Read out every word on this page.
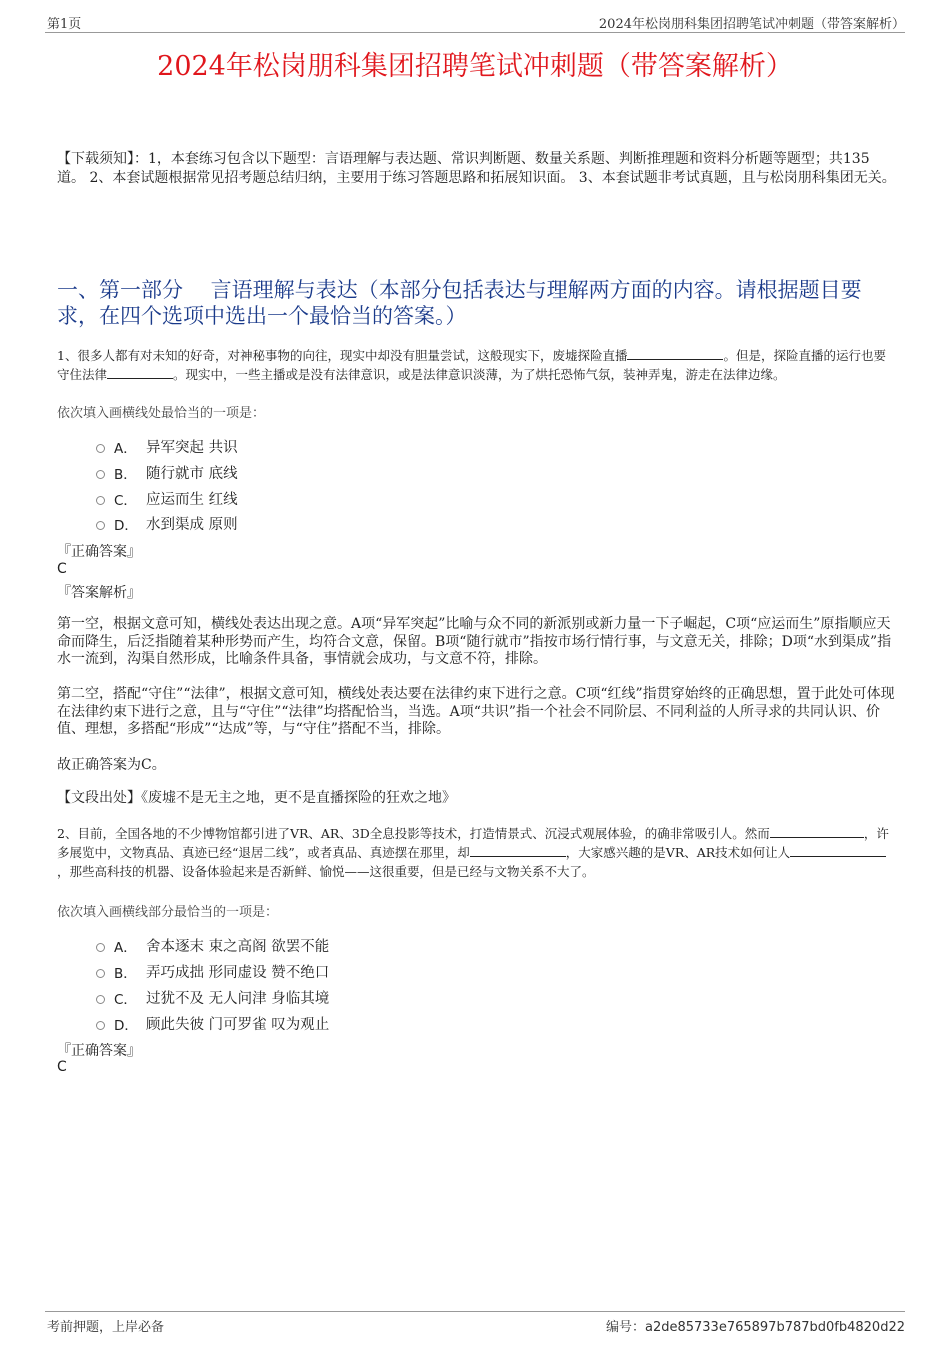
第1页	2024年松岗朋科集团招聘笔试冲刺题（带答案解析）
2024年松岗朋科集团招聘笔试冲刺题（带答案解析）
【下载须知】：1，本套练习包含以下题型：言语理解与表达题、常识判断题、数量关系题、判断推理题和资料分析题等题型；共135道。 2、本套试题根据常见招考题总结归纳，主要用于练习答题思路和拓展知识面。 3、本套试题非考试真题，且与松岗朋科集团无关。
一、第一部分　 言语理解与表达（本部分包括表达与理解两方面的内容。请根据题目要求，在四个选项中选出一个最恰当的答案。）
1、很多人都有对未知的好奇，对神秘事物的向往，现实中却没有胆量尝试，这般现实下，废墟探险直播	。但是，探险直播的运行也要守住法律	。现实中，一些主播或是没有法律意识，或是法律意识淡薄，为了烘托恐怖气氛，装神弄鬼，游走在法律边缘。
依次填入画横线处最恰当的一项是：
A． 异军突起 共识
B． 随行就市 底线
C． 应运而生 红线
D． 水到渠成 原则
『正确答案』
C
『答案解析』
第一空，根据文意可知，横线处表达出现之意。A项“异军突起”比喻与众不同的新派别或新力量一下子崛起，C项“应运而生”原指顺应天命而降生，后泛指随着某种形势而产生，均符合文意，保留。B项“随行就市”指按市场行情行事，与文意无关，排除；D项“水到渠成”指水一流到，沟渠自然形成，比喻条件具备，事情就会成功，与文意不符，排除。
第二空，搭配“守住”“法律”，根据文意可知，横线处表达要在法律约束下进行之意。C项“红线”指贯穿始终的正确思想，置于此处可体现在法律约束下进行之意，且与“守住”“法律”均搭配恰当，当选。A项“共识”指一个社会不同阶层、不同利益的人所寻求的共同认识、价值、理想，多搭配“形成”“达成”等，与“守住”搭配不当，排除。
故正确答案为C。
【文段出处】《废墟不是无主之地，更不是直播探险的狂欢之地》
2、目前，全国各地的不少博物馆都引进了VR、AR、3D全息投影等技术，打造情景式、沉浸式观展体验，的确非常吸引人。然而	，许多展览中，文物真品、真迹已经“退居二线”，或者真品、真迹摆在那里，却	，大家感兴趣的是VR、AR技术如何让人，那些高科技的机器、设备体验起来是否新鲜、愉悦——这很重要，但是已经与文物关系不大了。
依次填入画横线部分最恰当的一项是：
A． 舍本逐末 束之高阁 欲罢不能
B． 弄巧成拙 形同虚设 赞不绝口
C． 过犹不及 无人问津 身临其境
D． 顾此失彼 门可罗雀 叹为观止
『正确答案』
C
考前押题，上岸必备	编号：a2de85733e765897b787bd0fb4820d22
